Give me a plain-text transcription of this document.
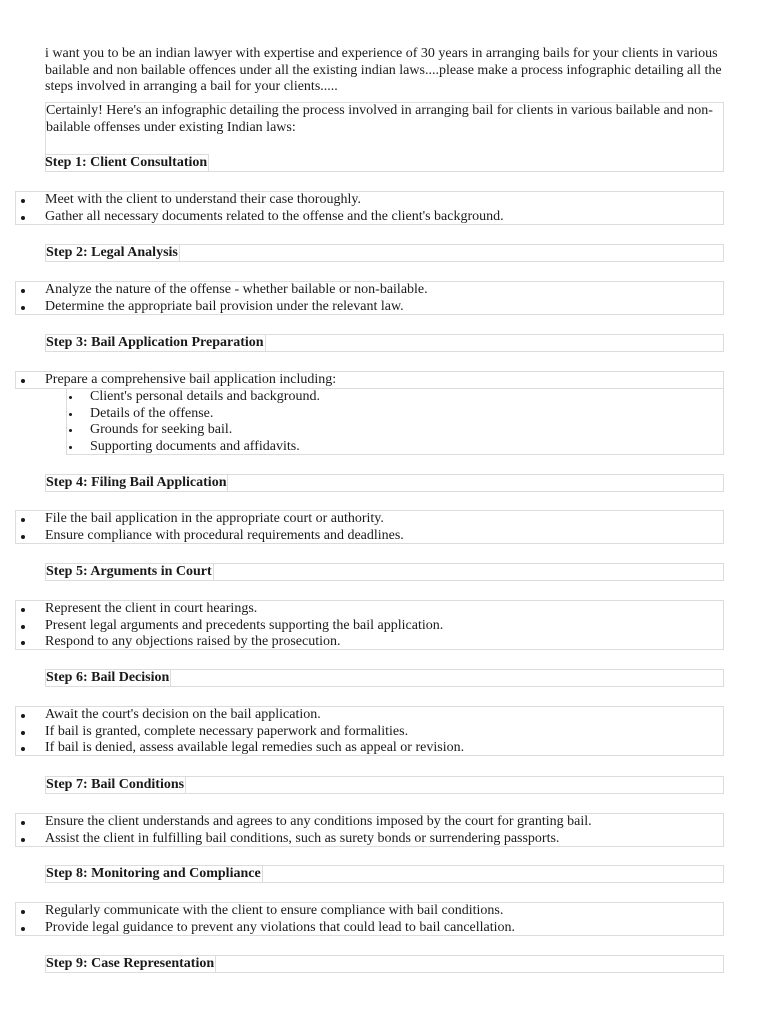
i want you to be an indian lawyer with expertise and experience of 30 years in arranging bails for your clients in various bailable and non bailable offences under all the existing indian laws....please make a process infographic detailing all the steps involved in arranging a bail for your clients.....
Certainly! Here's an infographic detailing the process involved in arranging bail for clients in various bailable and non-bailable offenses under existing Indian laws:
Step 1: Client Consultation
Meet with the client to understand their case thoroughly.
Gather all necessary documents related to the offense and the client's background.
Step 2: Legal Analysis
Analyze the nature of the offense - whether bailable or non-bailable.
Determine the appropriate bail provision under the relevant law.
Step 3: Bail Application Preparation
Prepare a comprehensive bail application including:
Client's personal details and background.
Details of the offense.
Grounds for seeking bail.
Supporting documents and affidavits.
Step 4: Filing Bail Application
File the bail application in the appropriate court or authority.
Ensure compliance with procedural requirements and deadlines.
Step 5: Arguments in Court
Represent the client in court hearings.
Present legal arguments and precedents supporting the bail application.
Respond to any objections raised by the prosecution.
Step 6: Bail Decision
Await the court's decision on the bail application.
If bail is granted, complete necessary paperwork and formalities.
If bail is denied, assess available legal remedies such as appeal or revision.
Step 7: Bail Conditions
Ensure the client understands and agrees to any conditions imposed by the court for granting bail.
Assist the client in fulfilling bail conditions, such as surety bonds or surrendering passports.
Step 8: Monitoring and Compliance
Regularly communicate with the client to ensure compliance with bail conditions.
Provide legal guidance to prevent any violations that could lead to bail cancellation.
Step 9: Case Representation
